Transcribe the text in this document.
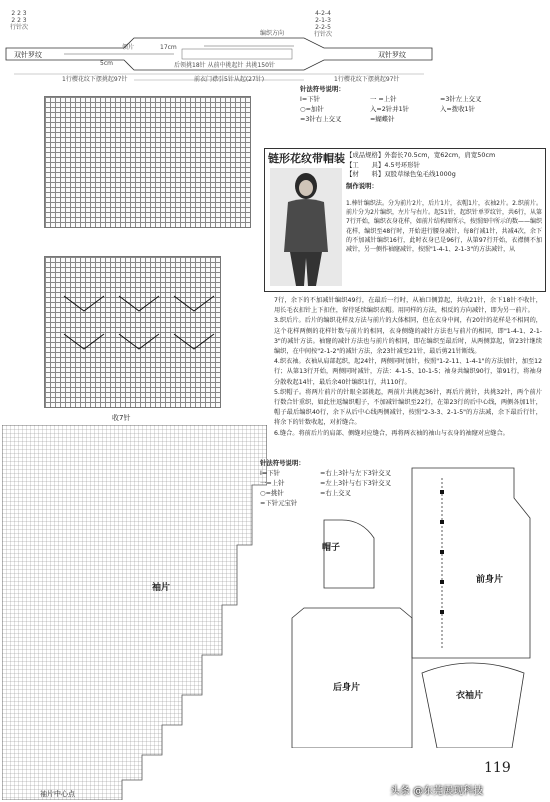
2 2 3
2 2 3
行针次
4-2-4
2-1-3
2-2-5
行针次
双针罗纹	双针罗纹
编织方向
领片
5cm
17cm
后领挑18针 从前中挑起针 共挑150针
1行樱花纹下摆挑起97针	前衣门襟引5针从起(27针)	1行樱花纹下摆挑起97针
收7针
袖片
袖片中心点
针法符号说明：
Ⅰ=下针	一 =上针	=3针左上交叉
○=加针	入=2针并1针	入=拨收1针
=3针右上交叉	=蝴蝶针
链形花纹带帽装 【成品规格】外套长70.5cm，宽62cm，肩宽50cm
【工　　具】4.5号环形针
【材　　料】双股草绿色兔毛线1000g
制作说明：
1.棒针编织法。分为前片2片，后片1片，衣帽1片，衣袖2片。2.织前片。前片分为2片编织，左片与右片。起51针，起织针单罗纹针，共6行，从第7行开始，编织衣身花样，如前片结构图所示，按照图中所示的数——编织花样，编织至48行时，开始进行腰身减针，每8行减1针，共减4次，余下的不加减针编织16行，此时衣身已是96行，从第97行开始，衣襟侧不加减针，另一侧作袖窿减针，按照"1-4-1、2-1-3"的方法减针，从

7行，余下的不加减针编织49行，在最后一行时，从袖口侧算起，共收21针，余下18针不收针，用长毛衣扣针上下扣住，留待延续编织衣帽。用同样的方法，相反的方向减针，即为另一前片。

3.织后片。后片的编织花样及方法与前片的大体相同，但在衣身中间，有20针的花样是不相同的，这个花样两侧的花样针数与前片的相同，衣身侧缝的减针方法也与前片的相同，即"1-4-1、2-1-3"的减针方法。袖窿的减针方法也与前片的相同，即在编织至最后时，从两侧算起，留23针继续编织，在中间按"2-1-2"的减针方法，余23针减至21针，最后剪21针断线。

4.织衣袖。衣袖从肩部起织，起24针，两侧同时加针，按照"1-2-11、1-4-1"的方法加针，加至12行；从第13行开始，两侧同时减针，方法：4-1-5、10-1-5；袖身共编织90行，第91行，将袖身分散收起14针，最后余40针编织1行，共110行。

5.织帽子。将两片前片的针眼全部挑起，两前片共挑起36针，再后片挑针，共挑32针，两个前片行数合针重织，如此往返编织帽子，不加减针编织至22行，在第23行的后中心线，两侧各加1针，帽子最后编织40行，余下从后中心线两侧减针，按照"2-3-3、2-1-5"的方法减，余下最后行针，将余下的针数收起，对折缝合。

6.缝合。将前后片的肩部、侧缝对应缝合，再将两衣袖的袖山与衣身的袖窿对应缝合。

针法符号说明：
Ⅰ=下针	=右上3针与左下3针交叉
一=上针	=左上3针与右下3针交叉
○=挑针	=右上交叉
=下针元宝针
帽子
前身片
后身片
衣袖片
119
头条 @东莞展现科技
